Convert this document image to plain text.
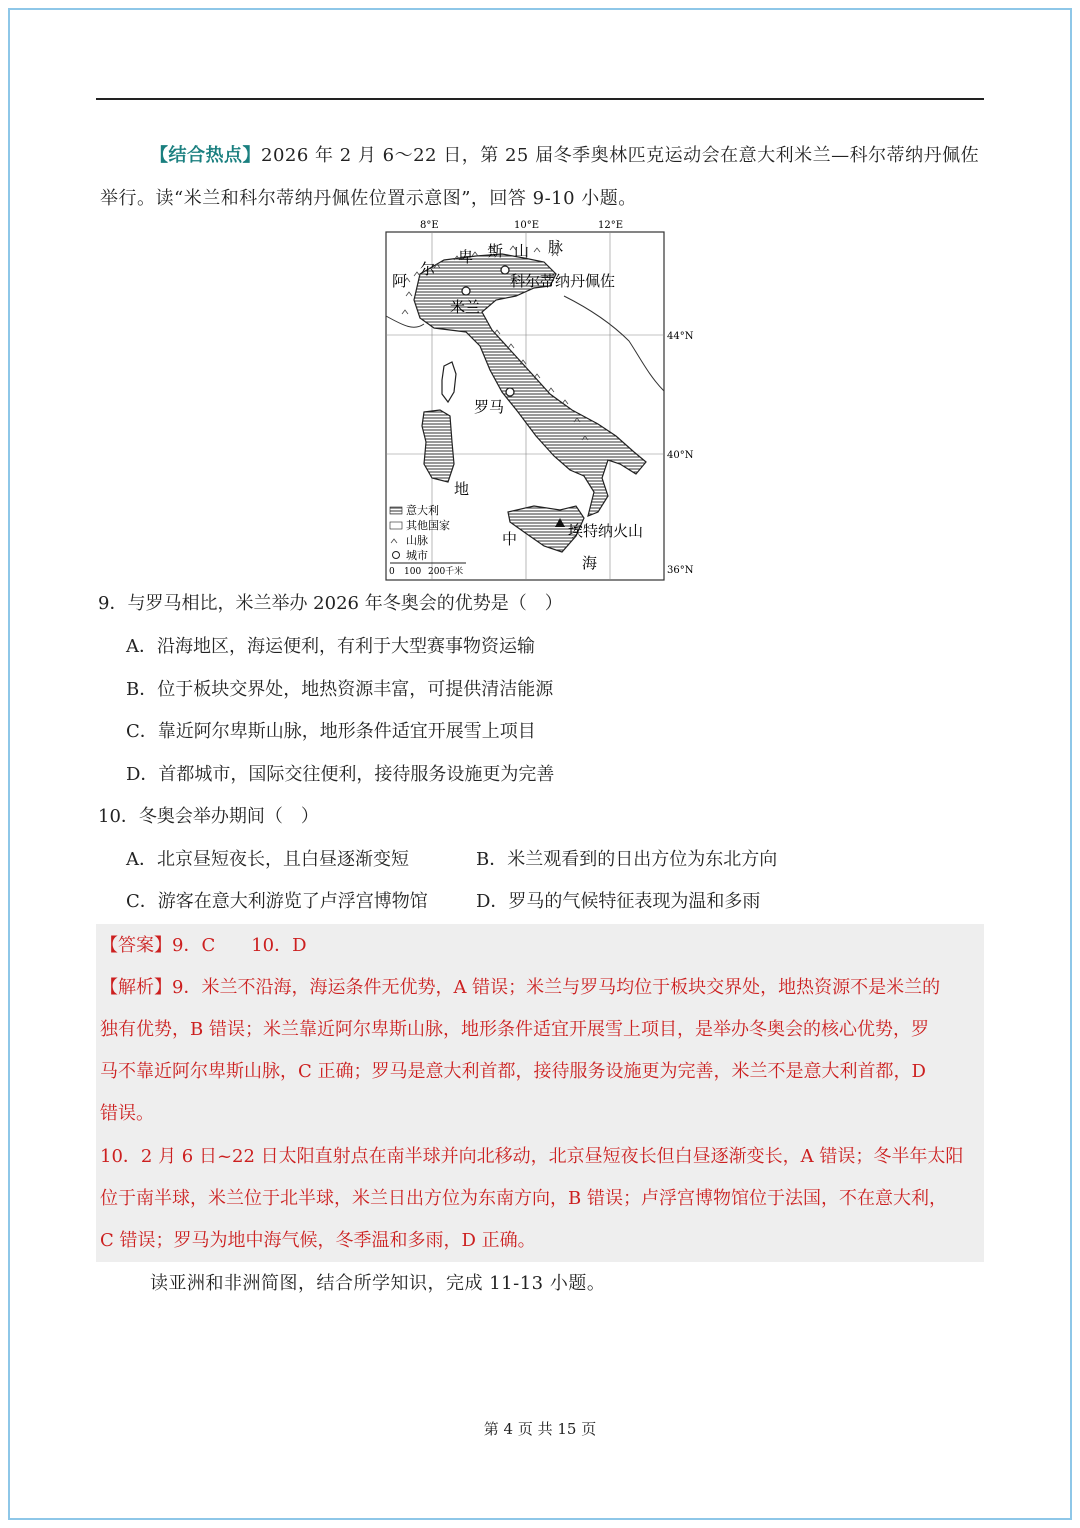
【结合热点】2026 年 2 月 6～22 日，第 25 届冬季奥林匹克运动会在意大利米兰—科尔蒂纳丹佩佐举行。读“米兰和科尔蒂纳丹佩佐位置示意图”，回答 9-10 小题。
8°E	10°E	12°E
44°N
40°N
36°N
阿
尔
卑 斯 山 脉
科尔蒂纳丹佩佐
米兰
罗马
埃特纳火山
地
中
海
意大利
其他国家
山脉
城市
0 100 200千米
9．与罗马相比，米兰举办 2026 年冬奥会的优势是（　）
A．沿海地区，海运便利，有利于大型赛事物资运输
B．位于板块交界处，地热资源丰富，可提供清洁能源
C．靠近阿尔卑斯山脉，地形条件适宜开展雪上项目
D．首都城市，国际交往便利，接待服务设施更为完善
10．冬奥会举办期间（　）
A．北京昼短夜长，且白昼逐渐变短	B．米兰观看到的日出方位为东北方向
C．游客在意大利游览了卢浮宫博物馆	D．罗马的气候特征表现为温和多雨
【答案】9．C　　10．D
【解析】9．米兰不沿海，海运条件无优势，A 错误；米兰与罗马均位于板块交界处，地热资源不是米兰的
独有优势，B 错误；米兰靠近阿尔卑斯山脉，地形条件适宜开展雪上项目，是举办冬奥会的核心优势，罗
马不靠近阿尔卑斯山脉，C 正确；罗马是意大利首都，接待服务设施更为完善，米兰不是意大利首都，D
错误。
10．2 月 6 日~22 日太阳直射点在南半球并向北移动，北京昼短夜长但白昼逐渐变长，A 错误；冬半年太阳
位于南半球，米兰位于北半球，米兰日出方位为东南方向，B 错误；卢浮宫博物馆位于法国，不在意大利，
C 错误；罗马为地中海气候，冬季温和多雨，D 正确。
读亚洲和非洲简图，结合所学知识，完成 11-13 小题。
第 4 页 共 15 页
